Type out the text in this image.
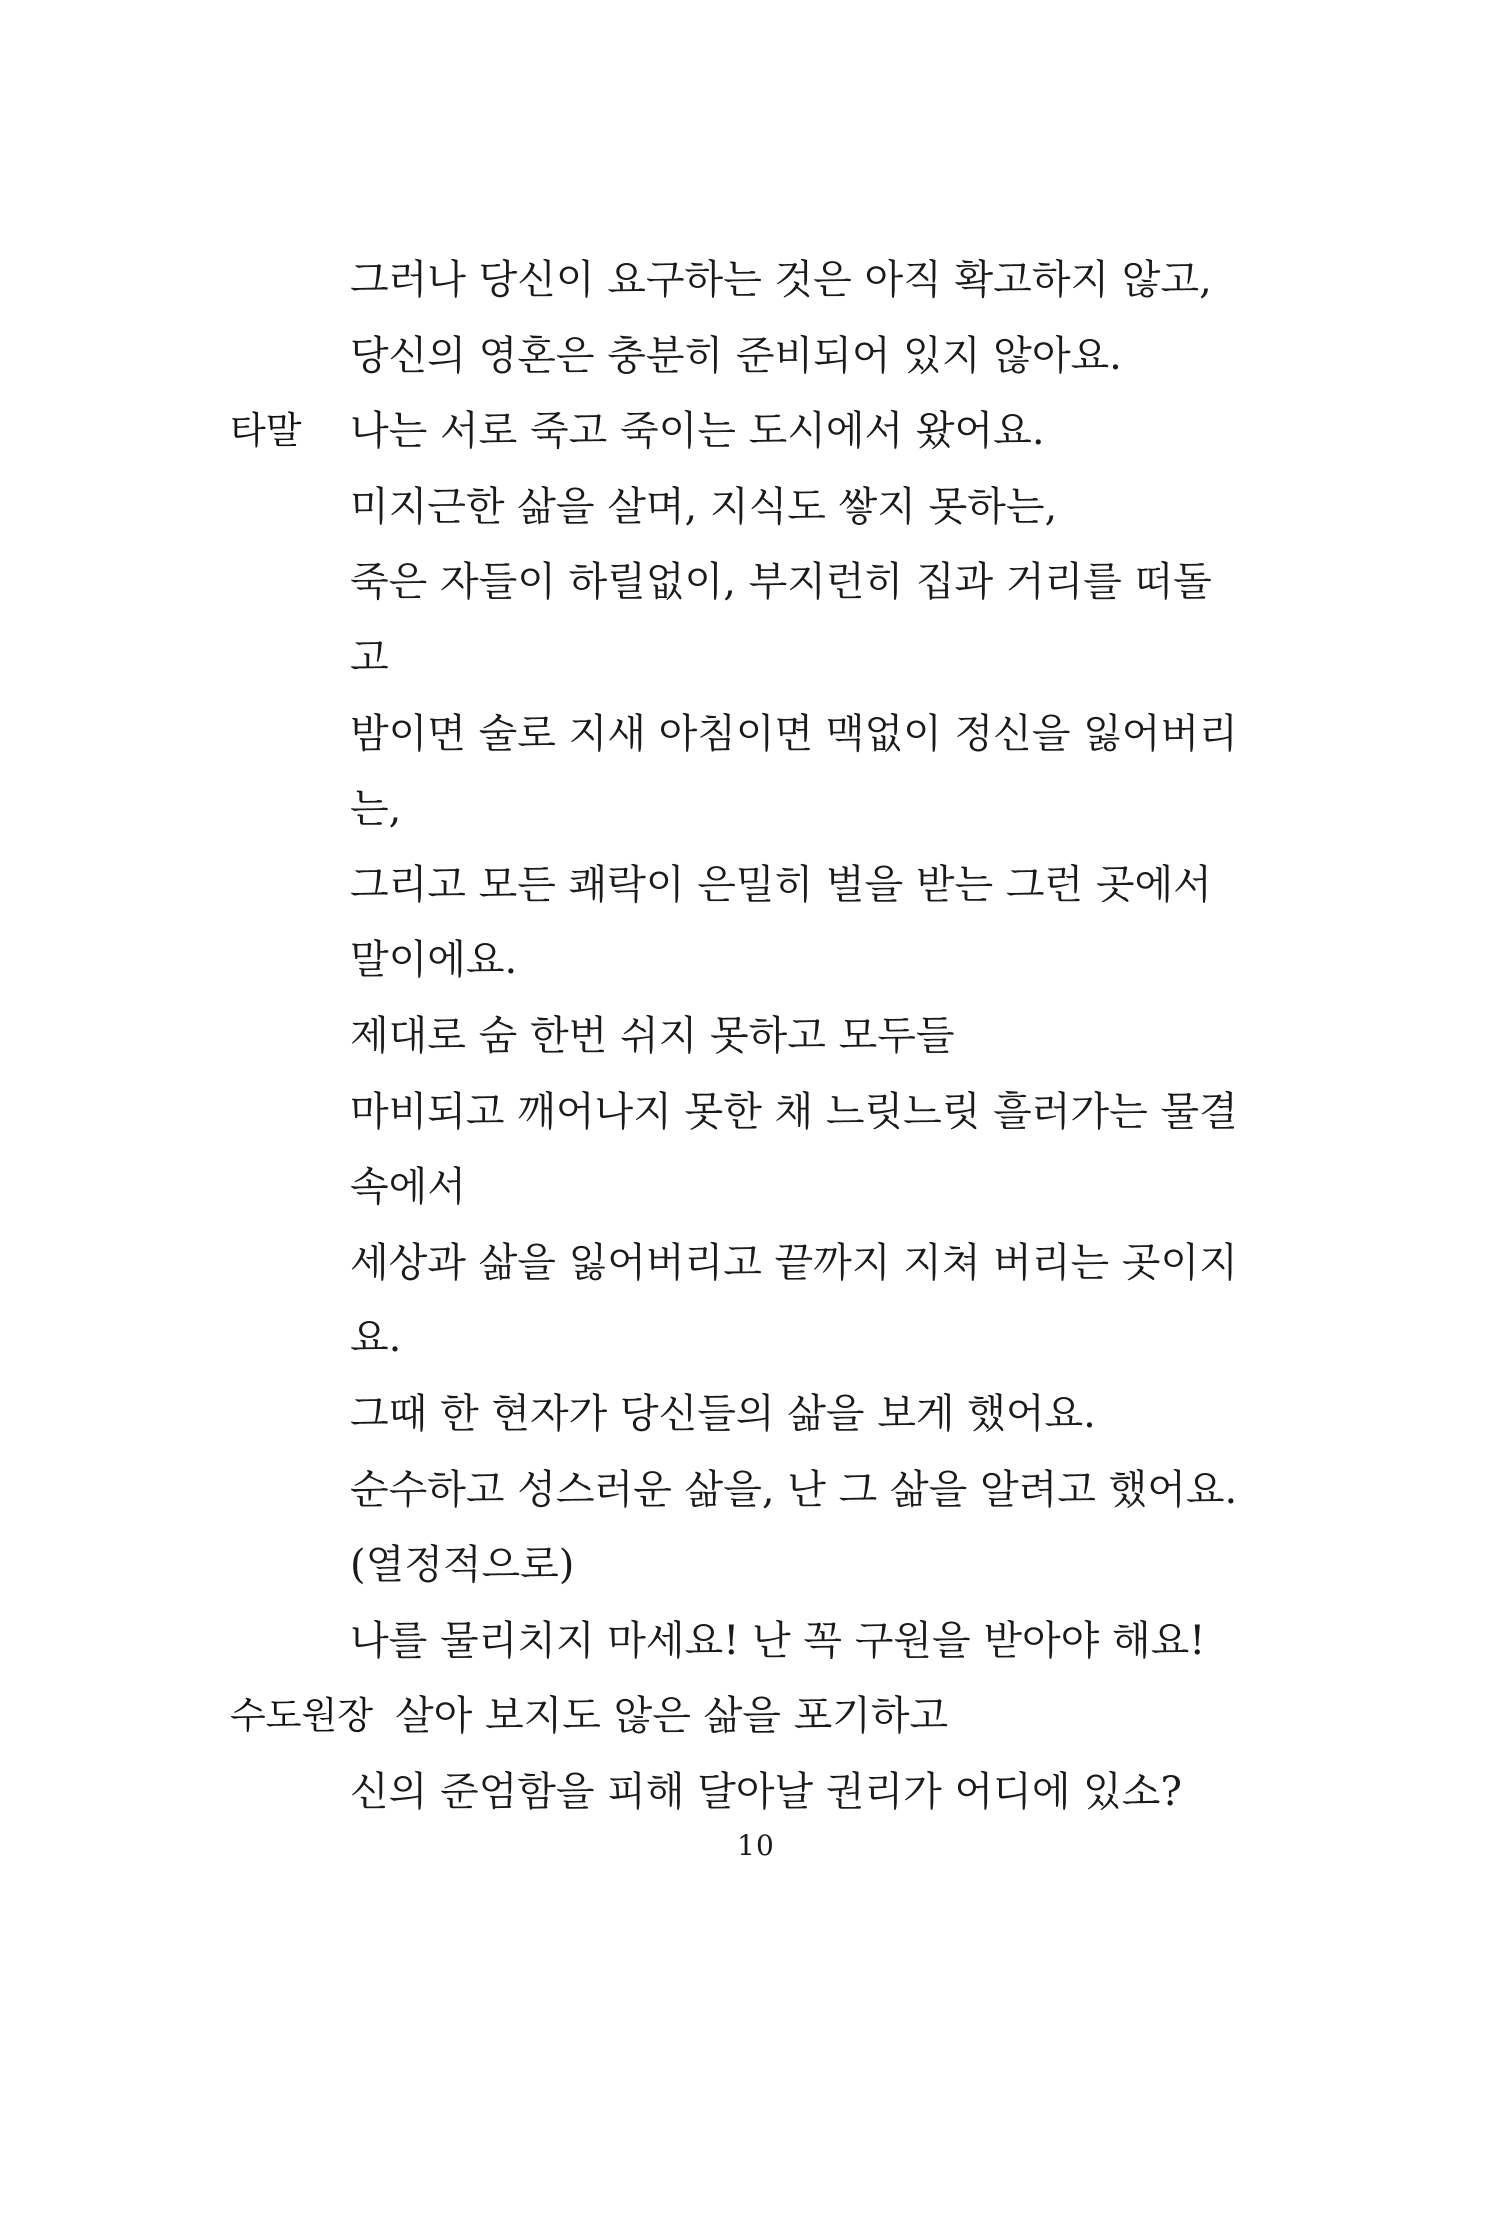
그러나 당신이 요구하는 것은 아직 확고하지 않고,
당신의 영혼은 충분히 준비되어 있지 않아요.
타말 나는 서로 죽고 죽이는 도시에서 왔어요.
미지근한 삶을 살며, 지식도 쌓지 못하는,
죽은 자들이 하릴없이, 부지런히 집과 거리를 떠돌
고
밤이면 술로 지새 아침이면 맥없이 정신을 잃어버리
는,
그리고 모든 쾌락이 은밀히 벌을 받는 그런 곳에서
말이에요.
제대로 숨 한번 쉬지 못하고 모두들
마비되고 깨어나지 못한 채 느릿느릿 흘러가는 물결
속에서
세상과 삶을 잃어버리고 끝까지 지쳐 버리는 곳이지
요.
그때 한 현자가 당신들의 삶을 보게 했어요.
순수하고 성스러운 삶을, 난 그 삶을 알려고 했어요.
(열정적으로)
나를 물리치지 마세요! 난 꼭 구원을 받아야 해요!
수도원장 살아 보지도 않은 삶을 포기하고
신의 준엄함을 피해 달아날 권리가 어디에 있소?
10
